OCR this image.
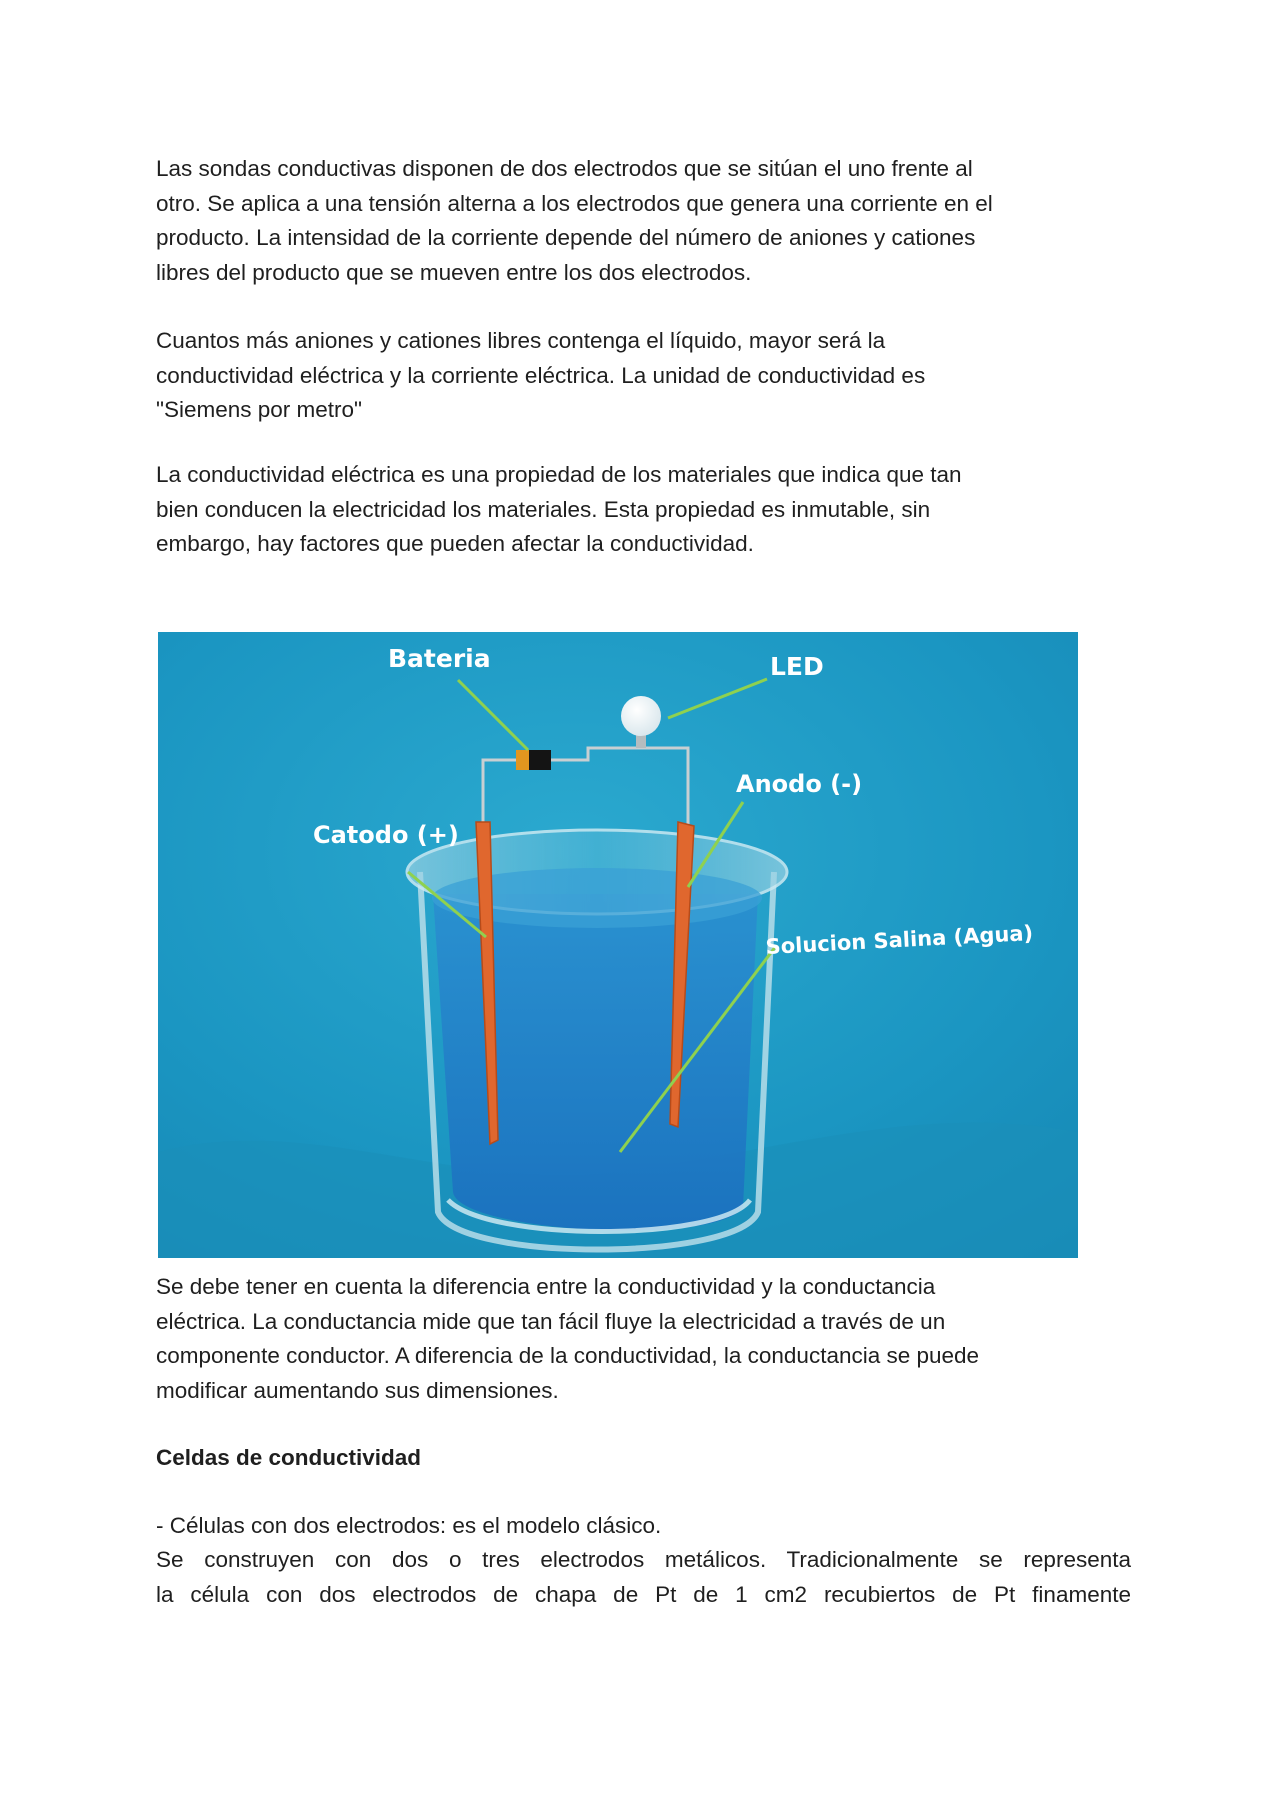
Las sondas conductivas disponen de dos electrodos que se sitúan el uno frente al
otro. Se aplica a una tensión alterna a los electrodos que genera una corriente en el
producto. La intensidad de la corriente depende del número de aniones y cationes
libres del producto que se mueven entre los dos electrodos.
Cuantos más aniones y cationes libres contenga el líquido, mayor será la
conductividad eléctrica y la corriente eléctrica. La unidad de conductividad es
"Siemens por metro"
La conductividad eléctrica es una propiedad de los materiales que indica que tan
bien conducen la electricidad los materiales. Esta propiedad es inmutable, sin
embargo, hay factores que pueden afectar la conductividad.
Bateria	LED
Anodo (-)
Catodo (+)
Solucion Salina (Agua)
Se debe tener en cuenta la diferencia entre la conductividad y la conductancia
eléctrica. La conductancia mide que tan fácil fluye la electricidad a través de un
componente conductor. A diferencia de la conductividad, la conductancia se puede
modificar aumentando sus dimensiones.
Celdas de conductividad
- Células con dos electrodos: es el modelo clásico.
Se construyen con dos o tres electrodos metálicos. Tradicionalmente se representa
la célula con dos electrodos de chapa de Pt de 1 cm2 recubiertos de Pt finamente
